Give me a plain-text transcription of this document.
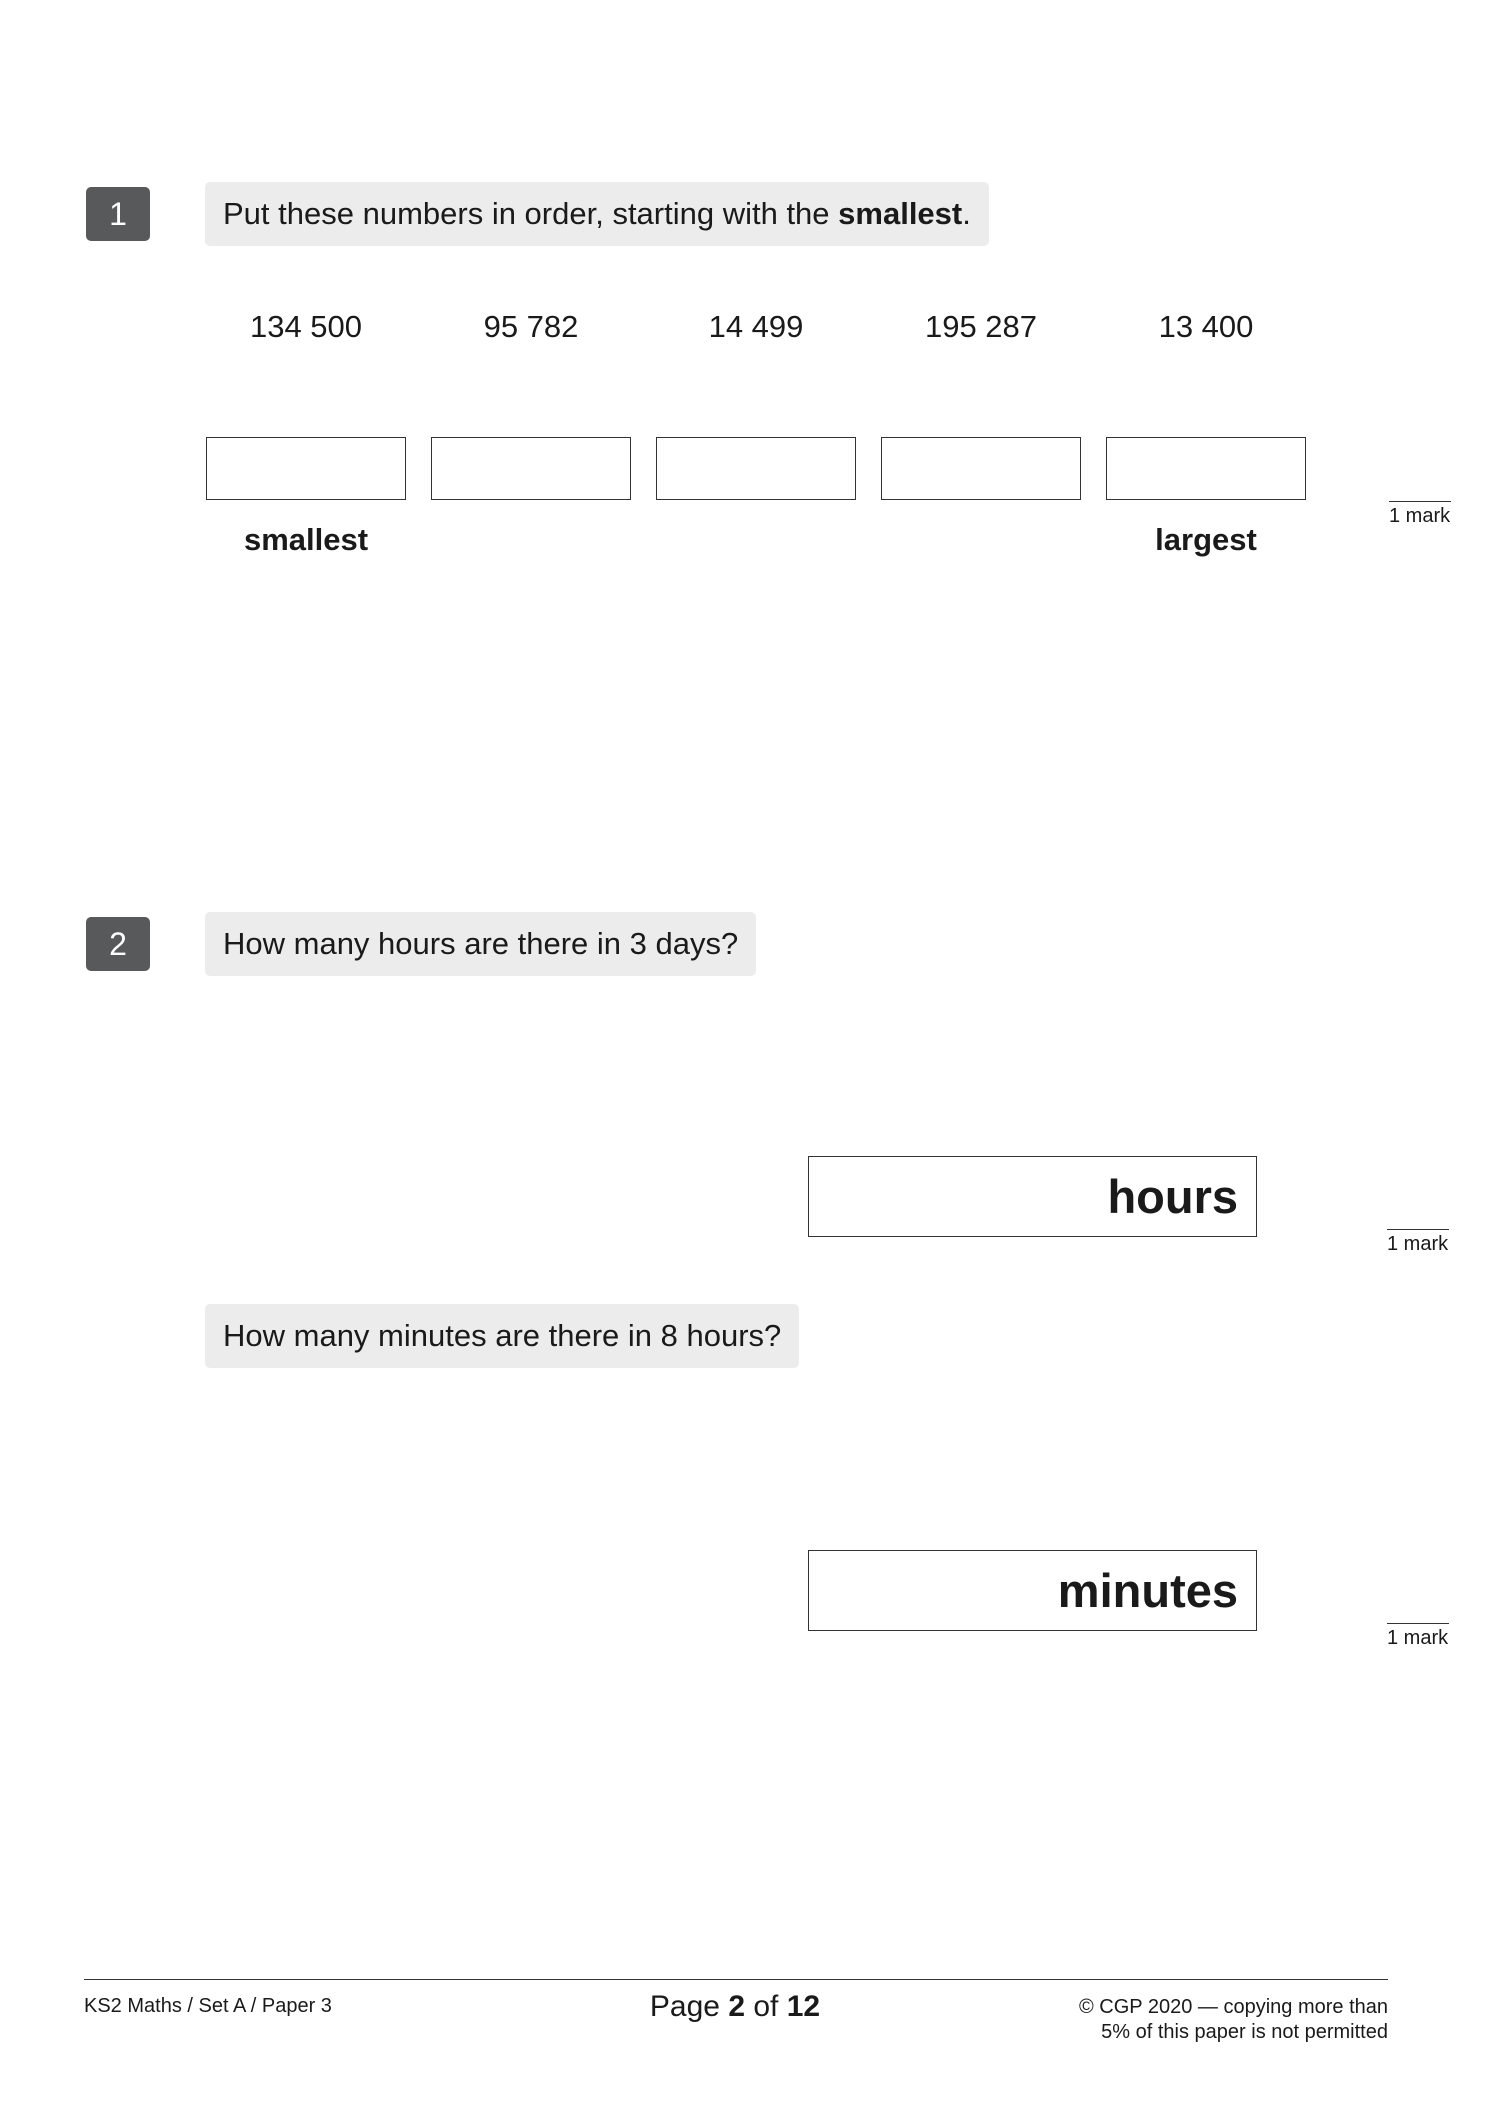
1	Put these numbers in order, starting with the smallest.
134 500	95 782	14 499	195 287	13 400
smallest	largest
1 mark
2	How many hours are there in 3 days?
hours
1 mark
How many minutes are there in 8 hours?
minutes
1 mark
KS2 Maths / Set A / Paper 3	Page 2 of 12	© CGP 2020 — copying more than
5% of this paper is not permitted
